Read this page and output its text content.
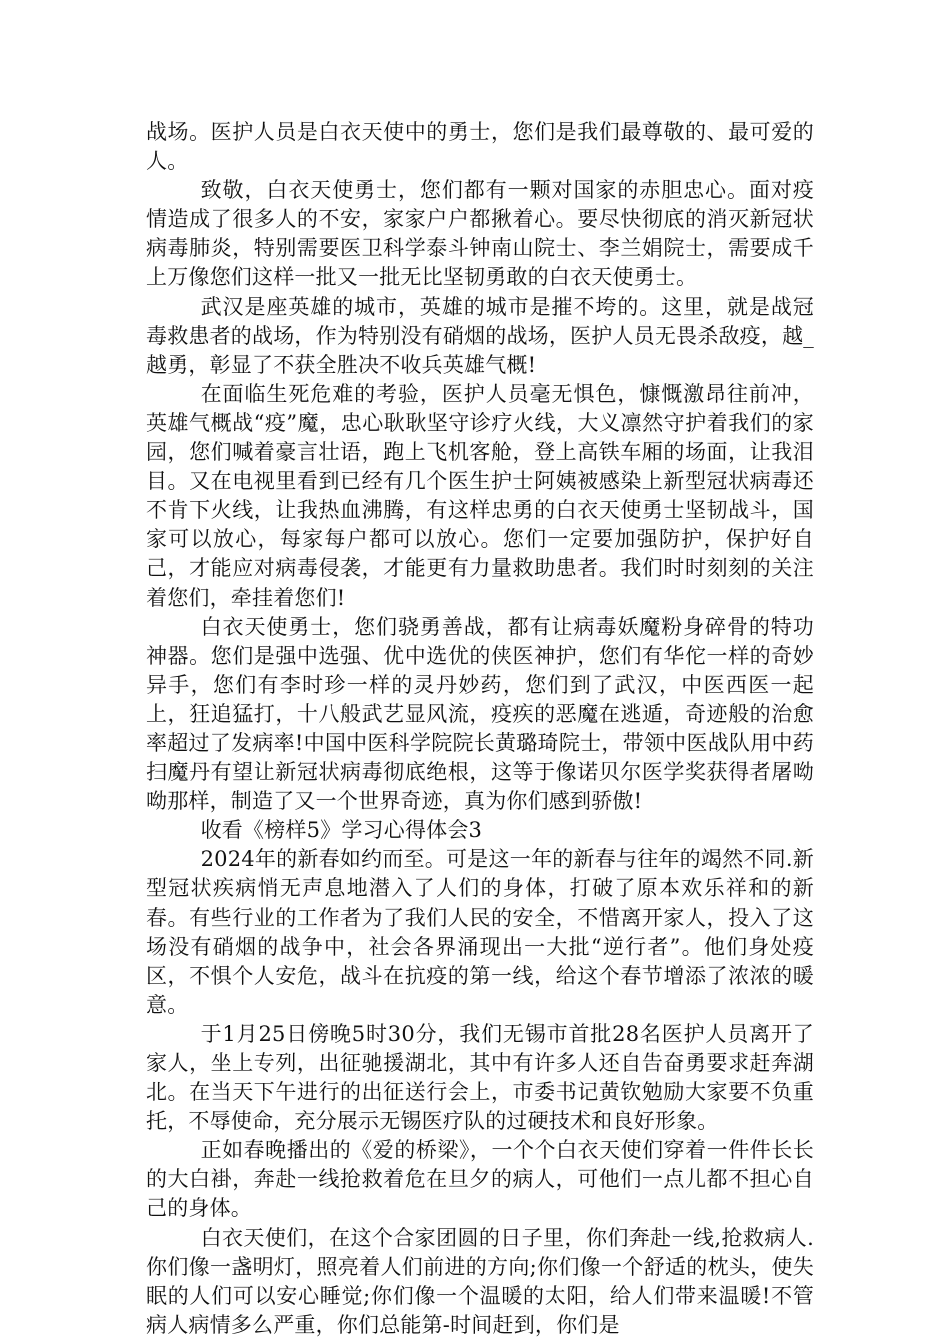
战场。医护人员是白衣天使中的勇士，您们是我们最尊敬的、最可爱的人。

致敬，白衣天使勇士，您们都有一颗对国家的赤胆忠心。面对疫情造成了很多人的不安，家家户户都揪着心。要尽快彻底的消灭新冠状病毒肺炎，特别需要医卫科学泰斗钟南山院士、李兰娟院士，需要成千上万像您们这样一批又一批无比坚韧勇敢的白衣天使勇士。

武汉是座英雄的城市，英雄的城市是摧不垮的。这里，就是战冠毒救患者的战场，作为特别没有硝烟的战场，医护人员无畏杀敌疫，越_越勇，彰显了不获全胜决不收兵英雄气概!

在面临生死危难的考验，医护人员毫无惧色，慷慨激昂往前冲，英雄气概战“疫”魔，忠心耿耿坚守诊疗火线，大义凛然守护着我们的家园，您们喊着豪言壮语，跑上飞机客舱，登上高铁车厢的场面，让我泪目。又在电视里看到已经有几个医生护士阿姨被感染上新型冠状病毒还不肯下火线，让我热血沸腾，有这样忠勇的白衣天使勇士坚韧战斗，国家可以放心，每家每户都可以放心。您们一定要加强防护，保护好自己，才能应对病毒侵袭，才能更有力量救助患者。我们时时刻刻的关注着您们，牵挂着您们!

白衣天使勇士，您们骁勇善战，都有让病毒妖魔粉身碎骨的特功神器。您们是强中选强、优中选优的侠医神护，您们有华佗一样的奇妙异手，您们有李时珍一样的灵丹妙药，您们到了武汉，中医西医一起上，狂追猛打，十八般武艺显风流，疫疾的恶魔在逃遁，奇迹般的治愈率超过了发病率!中国中医科学院院长黄璐琦院士，带领中医战队用中药扫魔丹有望让新冠状病毒彻底绝根，这等于像诺贝尔医学奖获得者屠呦呦那样，制造了又一个世界奇迹，真为你们感到骄傲!

收看《榜样5》学习心得体会3

2024年的新春如约而至。可是这一年的新春与往年的竭然不同.新型冠状疾病悄无声息地潜入了人们的身体，打破了原本欢乐祥和的新春。有些行业的工作者为了我们人民的安全，不惜离开家人，投入了这场没有硝烟的战争中，社会各界涌现出一大批“逆行者”。他们身处疫区，不惧个人安危，战斗在抗疫的第一线，给这个春节增添了浓浓的暖意。

于1月25日傍晚5时30分，我们无锡市首批28名医护人员离开了家人，坐上专列，出征驰援湖北，其中有许多人还自告奋勇要求赶奔湖北。在当天下午进行的出征送行会上，市委书记黄钦勉励大家要不负重托，不辱使命，充分展示无锡医疗队的过硬技术和良好形象。

正如春晚播出的《爱的桥梁》，一个个白衣天使们穿着一件件长长的大白褂，奔赴一线抢救着危在旦夕的病人，可他们一点儿都不担心自己的身体。

白衣天使们，在这个合家团圆的日子里，你们奔赴一线,抢救病人.你们像一盏明灯，照亮着人们前进的方向;你们像一个舒适的枕头，使失眠的人们可以安心睡觉;你们像一个温暖的太阳，给人们带来温暖!不管病人病情多么严重，你们总能第-时间赶到，你们是
